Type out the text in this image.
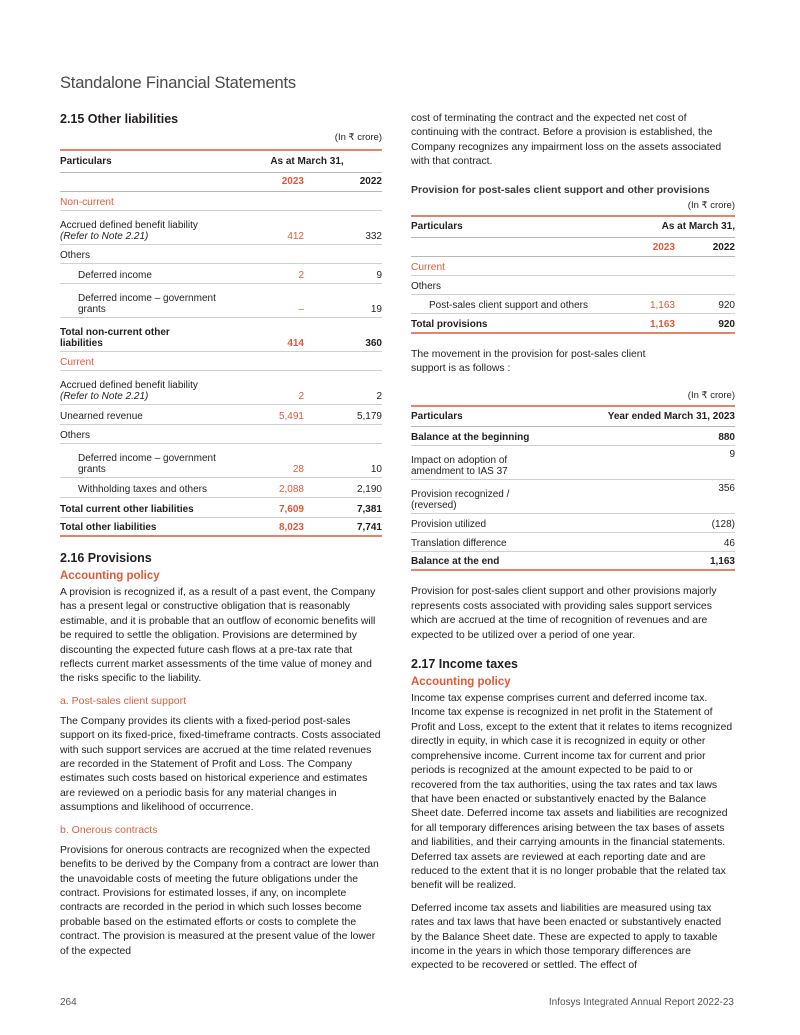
Standalone Financial Statements
2.15 Other liabilities
(In ₹ crore)
Particulars	As at March 31,	
	2023	2022
Non-current		
Accrued defined benefit liability
(Refer to Note 2.21)	412	332
Others		
Deferred income	2	9
Deferred income – government
grants	–	19
Total non-current other
liabilities	414	360
Current		
Accrued defined benefit liability
(Refer to Note 2.21)	2	2
Unearned revenue	5,491	5,179
Others		
Deferred income – government
grants	28	10
Withholding taxes and others	2,088	2,190
Total current other liabilities	7,609	7,381
Total other liabilities	8,023	7,741
2.16 Provisions
Accounting policy

A provision is recognized if, as a result of a past event, the Company has a present legal or constructive obligation that is reasonably estimable, and it is probable that an outflow of economic benefits will be required to settle the obligation. Provisions are determined by discounting the expected future cash flows at a pre-tax rate that reflects current market assessments of the time value of money and the risks specific to the liability.

a. Post-sales client support

The Company provides its clients with a fixed-period post-sales support on its fixed-price, fixed-timeframe contracts. Costs associated with such support services are accrued at the time related revenues are recorded in the Statement of Profit and Loss. The Company estimates such costs based on historical experience and estimates are reviewed on a periodic basis for any material changes in assumptions and likelihood of occurrence.

b. Onerous contracts

Provisions for onerous contracts are recognized when the expected benefits to be derived by the Company from a contract are lower than the unavoidable costs of meeting the future obligations under the contract. Provisions for estimated losses, if any, on incomplete contracts are recorded in the period in which such losses become probable based on the estimated efforts or costs to complete the contract. The provision is measured at the present value of the lower of the expected

cost of terminating the contract and the expected net cost of continuing with the contract. Before a provision is established, the Company recognizes any impairment loss on the assets associated with that contract.

Provision for post-sales client support and other provisions
(In ₹ crore)
Particulars	As at March 31,	
	2023	2022
Current		
Others		
Post-sales client support and others	1,163	920
Total provisions	1,163	920

The movement in the provision for post-sales client support is as follows :

(In ₹ crore)
Particulars	Year ended March 31, 2023
Balance at the beginning	880
Impact on adoption of
amendment to IAS 37	9
Provision recognized /
(reversed)	356
Provision utilized	(128)
Translation difference	46
Balance at the end	1,163

Provision for post-sales client support and other provisions majorly represents costs associated with providing sales support services which are accrued at the time of recognition of revenues and are expected to be utilized over a period of one year.

2.17 Income taxes
Accounting policy

Income tax expense comprises current and deferred income tax. Income tax expense is recognized in net profit in the Statement of Profit and Loss, except to the extent that it relates to items recognized directly in equity, in which case it is recognized in equity or other comprehensive income. Current income tax for current and prior periods is recognized at the amount expected to be paid to or recovered from the tax authorities, using the tax rates and tax laws that have been enacted or substantively enacted by the Balance Sheet date. Deferred income tax assets and liabilities are recognized for all temporary differences arising between the tax bases of assets and liabilities, and their carrying amounts in the financial statements. Deferred tax assets are reviewed at each reporting date and are reduced to the extent that it is no longer probable that the related tax benefit will be realized.

Deferred income tax assets and liabilities are measured using tax rates and tax laws that have been enacted or substantively enacted by the Balance Sheet date. These are expected to apply to taxable income in the years in which those temporary differences are expected to be recovered or settled. The effect of

264	Infosys Integrated Annual Report 2022-23
